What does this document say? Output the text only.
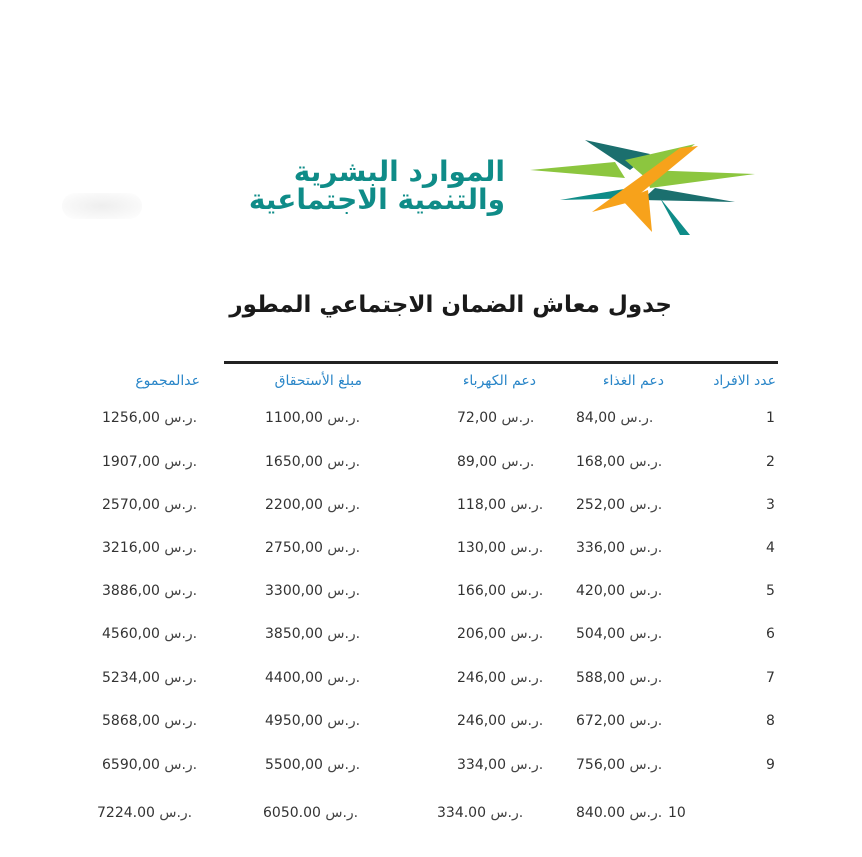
الموارد البشرية
والتنمية الاجتماعية
جدول معاش الضمان الاجتماعي المطور
عدد الافراد
دعم الغذاء
دعم الكهرباء
مبلغ الأستحقاق
عدالمجموع
1
84,00 ر.س.
72,00 ر.س.
1100,00 ر.س.
1256,00 ر.س.
2
168,00 ر.س.
89,00 ر.س.
1650,00 ر.س.
1907,00 ر.س.
3
252,00 ر.س.
118,00 ر.س.
2200,00 ر.س.
2570,00 ر.س.
4
336,00 ر.س.
130,00 ر.س.
2750,00 ر.س.
3216,00 ر.س.
5
420,00 ر.س.
166,00 ر.س.
3300,00 ر.س.
3886,00 ر.س.
6
504,00 ر.س.
206,00 ر.س.
3850,00 ر.س.
4560,00 ر.س.
7
588,00 ر.س.
246,00 ر.س.
4400,00 ر.س.
5234,00 ر.س.
8
672,00 ر.س.
246,00 ر.س.
4950,00 ر.س.
5868,00 ر.س.
9
756,00 ر.س.
334,00 ر.س.
5500,00 ر.س.
6590,00 ر.س.
10
840.00 ر.س.
334.00 ر.س.
6050.00 ر.س.
7224.00 ر.س.
